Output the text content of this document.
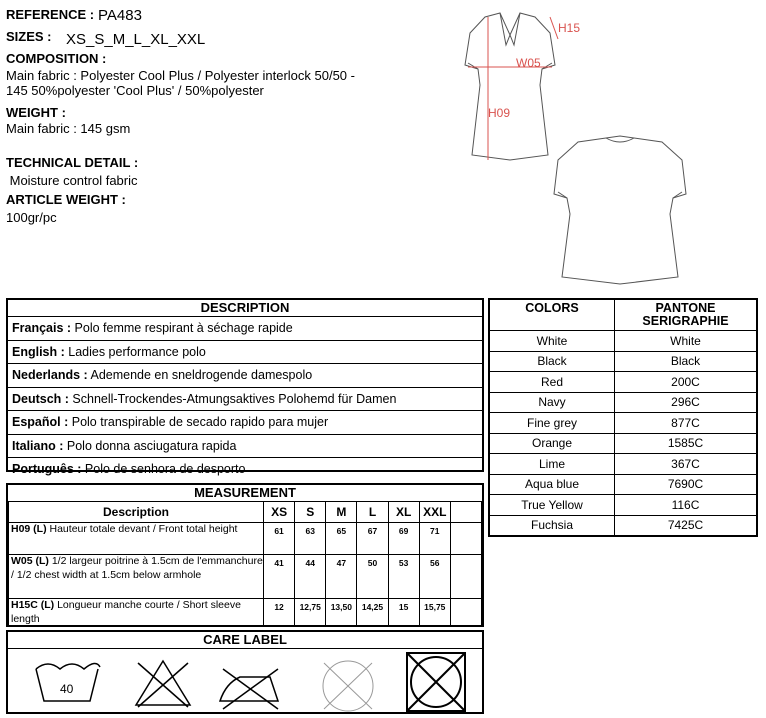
REFERENCE : PA483
SIZES : XS_S_M_L_XL_XXL
COMPOSITION :
Main fabric : Polyester Cool Plus / Polyester interlock 50/50 -
145 50%polyester 'Cool Plus' / 50%polyester
WEIGHT :
Main fabric : 145 gsm
TECHNICAL DETAIL :
Moisture control fabric
ARTICLE WEIGHT :
100gr/pc
H15
W05
H09
DESCRIPTION
Français : Polo femme respirant à séchage rapide
English : Ladies performance polo
Nederlands : Ademende en sneldrogende damespolo
Deutsch : Schnell-Trockendes-Atmungsaktives Polohemd für Damen
Español : Polo transpirable de secado rapido para mujer
Italiano : Polo donna asciugatura rapida
Português : Polo de senhora de desporto
COLORS	PANTONE
SERIGRAPHIE
White	White
Black	Black
Red	200C
Navy	296C
Fine grey	877C
Orange	1585C
Lime	367C
Aqua blue	7690C
True Yellow	116C
Fuchsia	7425C
MEASUREMENT
Description	XS	S	M	L	XL	XXL	
H09 (L) Hauteur totale devant / Front total height	61	63	65	67	69	71	
W05 (L) 1/2 largeur poitrine à 1.5cm de l'emmanchure / 1/2 chest width at 1.5cm below armhole	41	44	47	50	53	56	
H15C (L) Longueur manche courte / Short sleeve length	12	12,75	13,50	14,25	15	15,75	
CARE LABEL
40
